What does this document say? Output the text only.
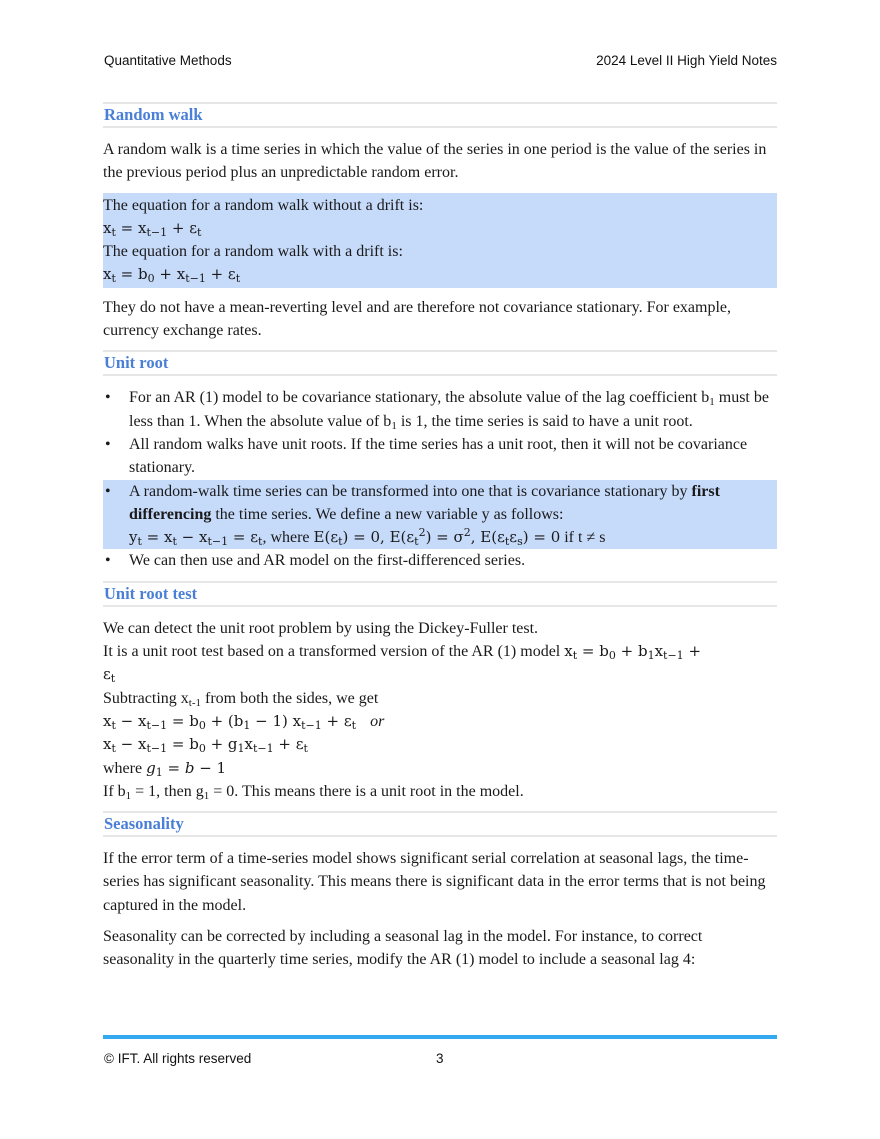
Quantitative Methods	2024 Level II High Yield Notes
Random walk

A random walk is a time series in which the value of the series in one period is the value of the series in the previous period plus an unpredictable random error.

The equation for a random walk without a drift is:
$x_t = x_{t-1} + \varepsilon_t$
The equation for a random walk with a drift is:
$x_t = b_0 + x_{t-1} + \varepsilon_t$

They do not have a mean-reverting level and are therefore not covariance stationary. For example, currency exchange rates.

Unit root
• For an AR (1) model to be covariance stationary, the absolute value of the lag coefficient $b_1$ must be less than 1. When the absolute value of $b_1$ is 1, the time series is said to have a unit root.
• All random walks have unit roots. If the time series has a unit root, then it will not be covariance stationary.
• A random-walk time series can be transformed into one that is covariance stationary by first differencing the time series. We define a new variable y as follows:
$y_t = x_t - x_{t-1} = \varepsilon_t$, where $E(\varepsilon_t) = 0$, $E(\varepsilon_t^2) = \sigma^2$, $E(\varepsilon_t\varepsilon_s) = 0$ if t ≠ s
• We can then use and AR model on the first-differenced series.
Unit root test
We can detect the unit root problem by using the Dickey-Fuller test.
It is a unit root test based on a transformed version of the AR (1) model $x_t = b_0 + b_1x_{t-1}$ +
$\varepsilon_t$
Subtracting $x_{t-1}$ from both the sides, we get
$x_t - x_{t-1} = b_0 + (b_1 - 1) x_{t-1} + \varepsilon_t$ or
$x_t - x_{t-1} = b_0 + g_1x_{t-1} + \varepsilon_t$
where $g_1 = b - 1$
If $b_1 = 1$, then $g_1 = 0$. This means there is a unit root in the model.
Seasonality

If the error term of a time-series model shows significant serial correlation at seasonal lags, the time-series has significant seasonality. This means there is significant data in the error terms that is not being captured in the model.

Seasonality can be corrected by including a seasonal lag in the model. For instance, to correct seasonality in the quarterly time series, modify the AR (1) model to include a seasonal lag 4:

© IFT. All rights reserved	3
